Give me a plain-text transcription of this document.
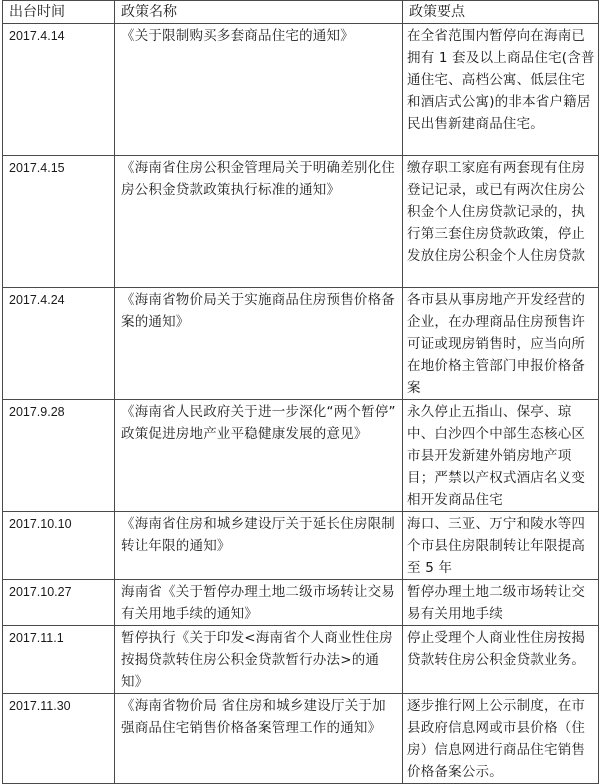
出台时间	政策名称	政策要点
2017.4.14	《关于限制购买多套商品住宅的通知》	在全省范围内暂停向在海南已拥有 1 套及以上商品住宅(含普通住宅、高档公寓、低层住宅和酒店式公寓)的非本省户籍居民出售新建商品住宅。
2017.4.15	《海南省住房公积金管理局关于明确差别化住房公积金贷款政策执行标准的通知》	缴存职工家庭有两套现有住房登记记录，或已有两次住房公积金个人住房贷款记录的，执行第三套住房贷款政策，停止发放住房公积金个人住房贷款
2017.4.24	《海南省物价局关于实施商品住房预售价格备案的通知》	各市县从事房地产开发经营的企业，在办理商品住房预售许可证或现房销售时，应当向所在地价格主管部门申报价格备案
2017.9.28	《海南省人民政府关于进一步深化“两个暂停” 政策促进房地产业平稳健康发展的意见》	永久停止五指山、保亭、琼中、白沙四个中部生态核心区市县开发新建外销房地产项目；严禁以产权式酒店名义变相开发商品住宅
2017.10.10	《海南省住房和城乡建设厅关于延长住房限制转让年限的通知》	海口、三亚、万宁和陵水等四个市县住房限制转让年限提高至 5 年
2017.10.27	海南省《关于暂停办理土地二级市场转让交易有关用地手续的通知》	暂停办理土地二级市场转让交易有关用地手续
2017.11.1	暂停执行《关于印发<海南省个人商业性住房按揭贷款转住房公积金贷款暂行办法>的通知》	停止受理个人商业性住房按揭贷款转住房公积金贷款业务。
2017.11.30	《海南省物价局 省住房和城乡建设厅关于加强商品住宅销售价格备案管理工作的通知》	逐步推行网上公示制度，在市县政府信息网或市县价格（住房）信息网进行商品住宅销售价格备案公示。
